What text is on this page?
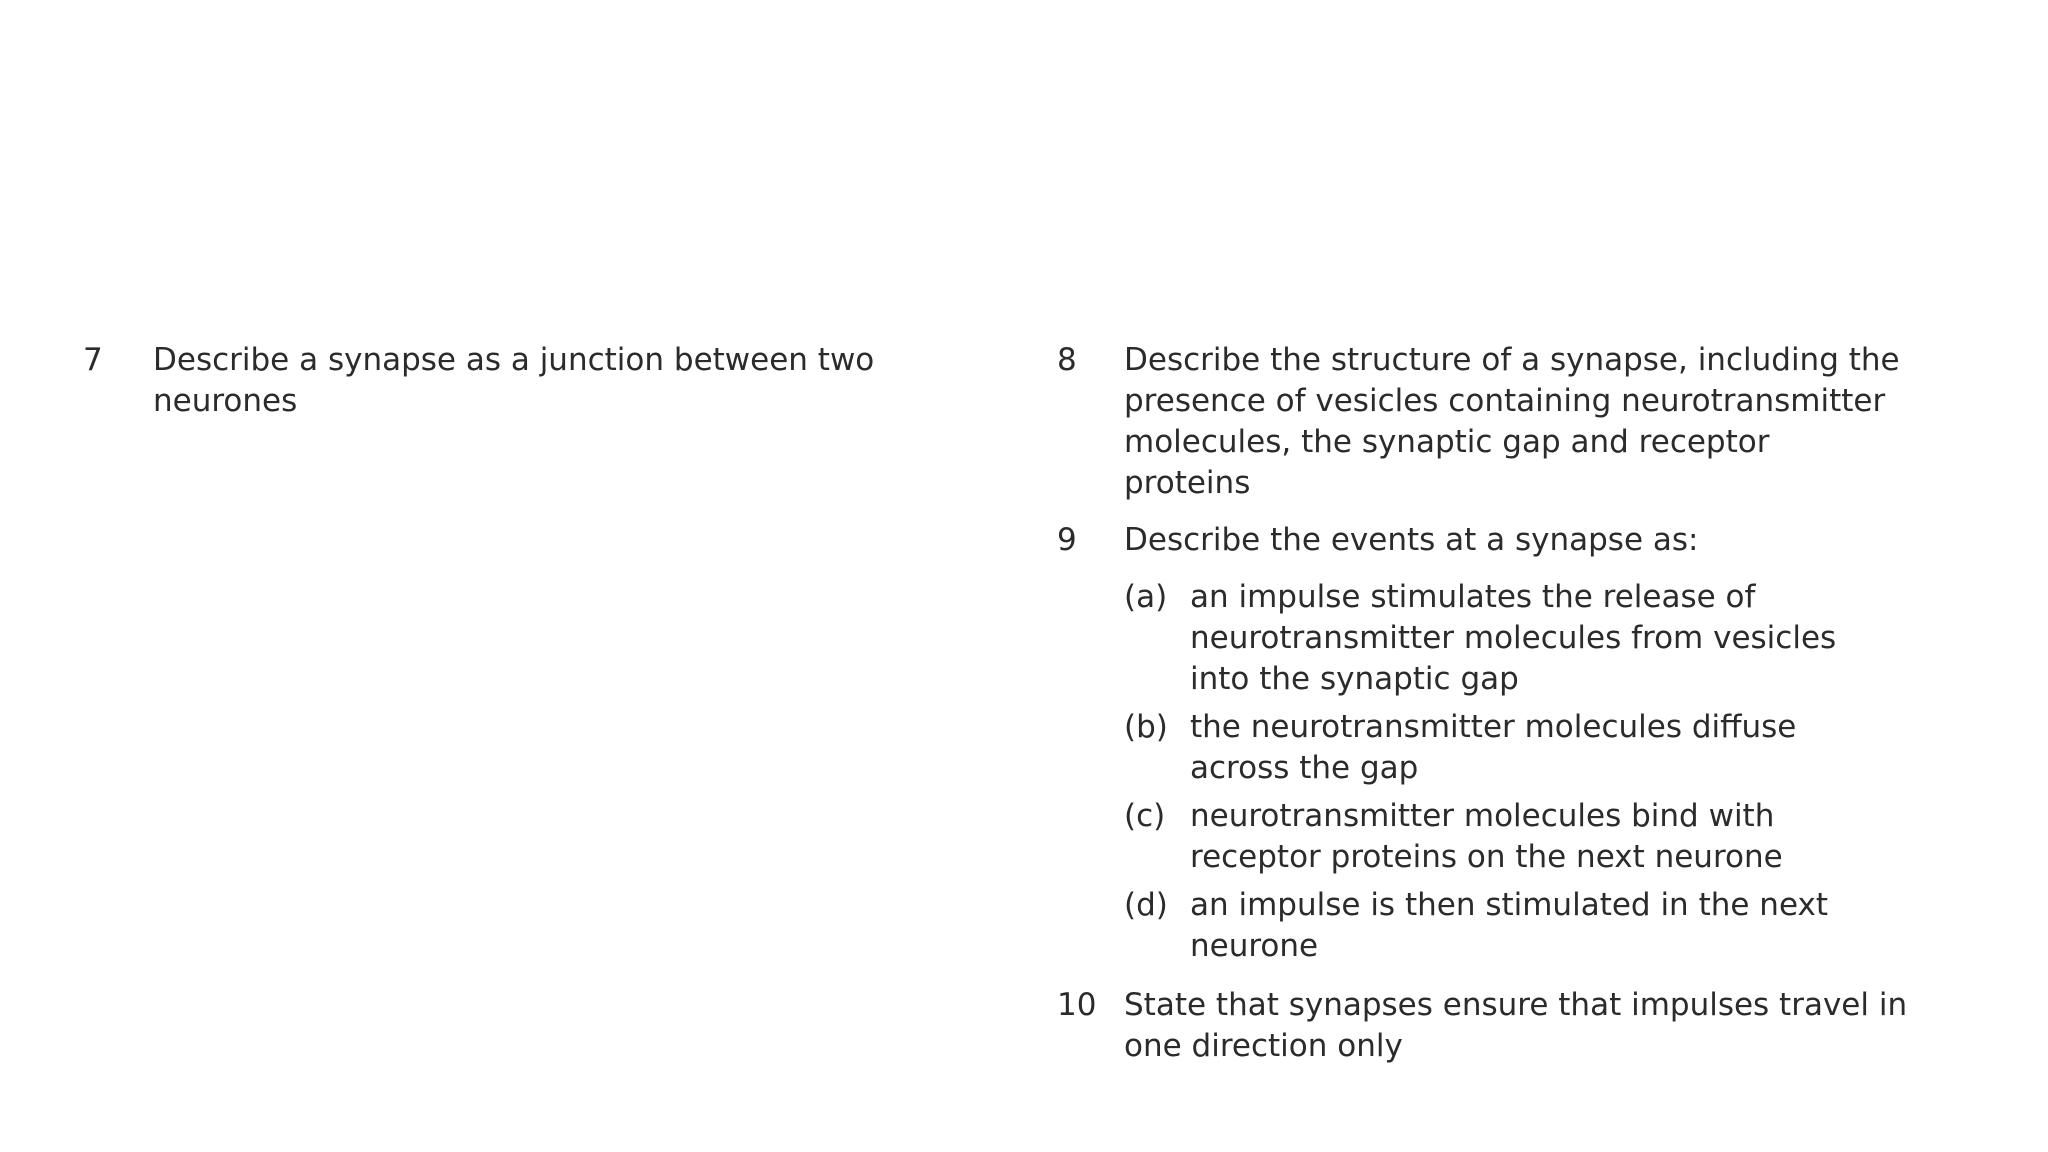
7 Describe a synapse as a junction between two
neurones
8 Describe the structure of a synapse, including the
presence of vesicles containing neurotransmitter
molecules, the synaptic gap and receptor
proteins
9 Describe the events at a synapse as:
(a) an impulse stimulates the release of
neurotransmitter molecules from vesicles
into the synaptic gap
(b) the neurotransmitter molecules diffuse
across the gap
(c) neurotransmitter molecules bind with
receptor proteins on the next neurone
(d) an impulse is then stimulated in the next
neurone
10 State that synapses ensure that impulses travel in
one direction only
